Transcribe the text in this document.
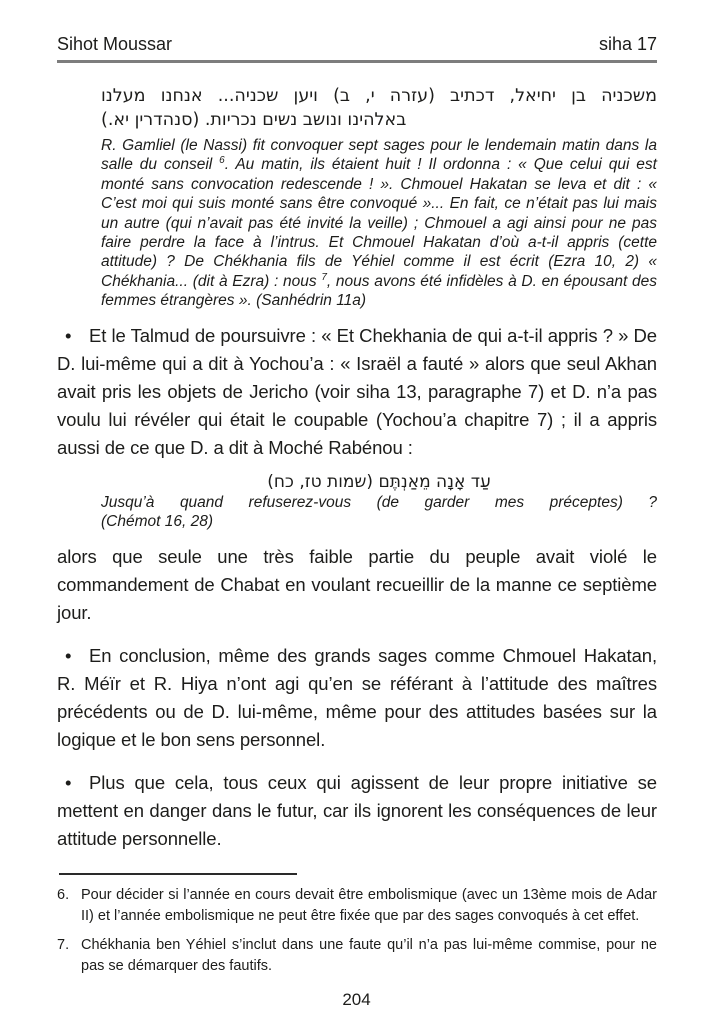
Sihot Moussar	siha 17
משכניה בן יחיאל, דכתיב (עזרה י, ב) ויען שכניה... אנחנו מעלנו
באלהינו ונושב נשים נכריות. (סנהדרין יא.)
R. Gamliel (le Nassi) fit convoquer sept sages pour le lendemain matin dans la salle du conseil $^6$. Au matin, ils étaient huit ! Il ordonna : « Que celui qui est monté sans convocation redescende ! ». Chmouel Hakatan se leva et dit : « C’est moi qui suis monté sans être convoqué »... En fait, ce n’était pas lui mais un autre (qui n’avait pas été invité la veille) ; Chmouel a agi ainsi pour ne pas faire perdre la face à l’intrus. Et Chmouel Hakatan d’où a-t-il appris (cette attitude) ? De Chékhania fils de Yéhiel comme il est écrit (Ezra 10, 2) « Chékhania... (dit à Ezra) : nous $^7$, nous avons été infidèles à D. en épousant des femmes étrangères ». (Sanhédrin 11a)

• Et le Talmud de poursuivre : « Et Chekhania de qui a-t-il appris ? » De D. lui-même qui a dit à Yochou’a : « Israël a fauté » alors que seul Akhan avait pris les objets de Jericho (voir siha 13, paragraphe 7) et D. n’a pas voulu lui révéler qui était le coupable (Yochou’a chapitre 7) ; il a appris aussi de ce que D. a dit à Moché Rabénou :

עַד אָנָה מֵאַנְתֶּם (שמות טז, כח)
Jusqu’à quand refuserez-vous (de garder mes préceptes) ?
(Chémot 16, 28)

alors que seule une très faible partie du peuple avait violé le commandement de Chabat en voulant recueillir de la manne ce septième jour.

• En conclusion, même des grands sages comme Chmouel Hakatan, R. Méïr et R. Hiya n’ont agi qu’en se référant à l’attitude des maîtres précédents ou de D. lui-même, même pour des attitudes basées sur la logique et le bon sens personnel.

• Plus que cela, tous ceux qui agissent de leur propre initiative se mettent en danger dans le futur, car ils ignorent les conséquences de leur attitude personnelle.

6. Pour décider si l’année en cours devait être embolismique (avec un 13ème mois de Adar II) et l’année embolismique ne peut être fixée que par des sages convoqués à cet effet.
7. Chékhania ben Yéhiel s’inclut dans une faute qu’il n’a pas lui-même commise, pour ne pas se démarquer des fautifs.
204
